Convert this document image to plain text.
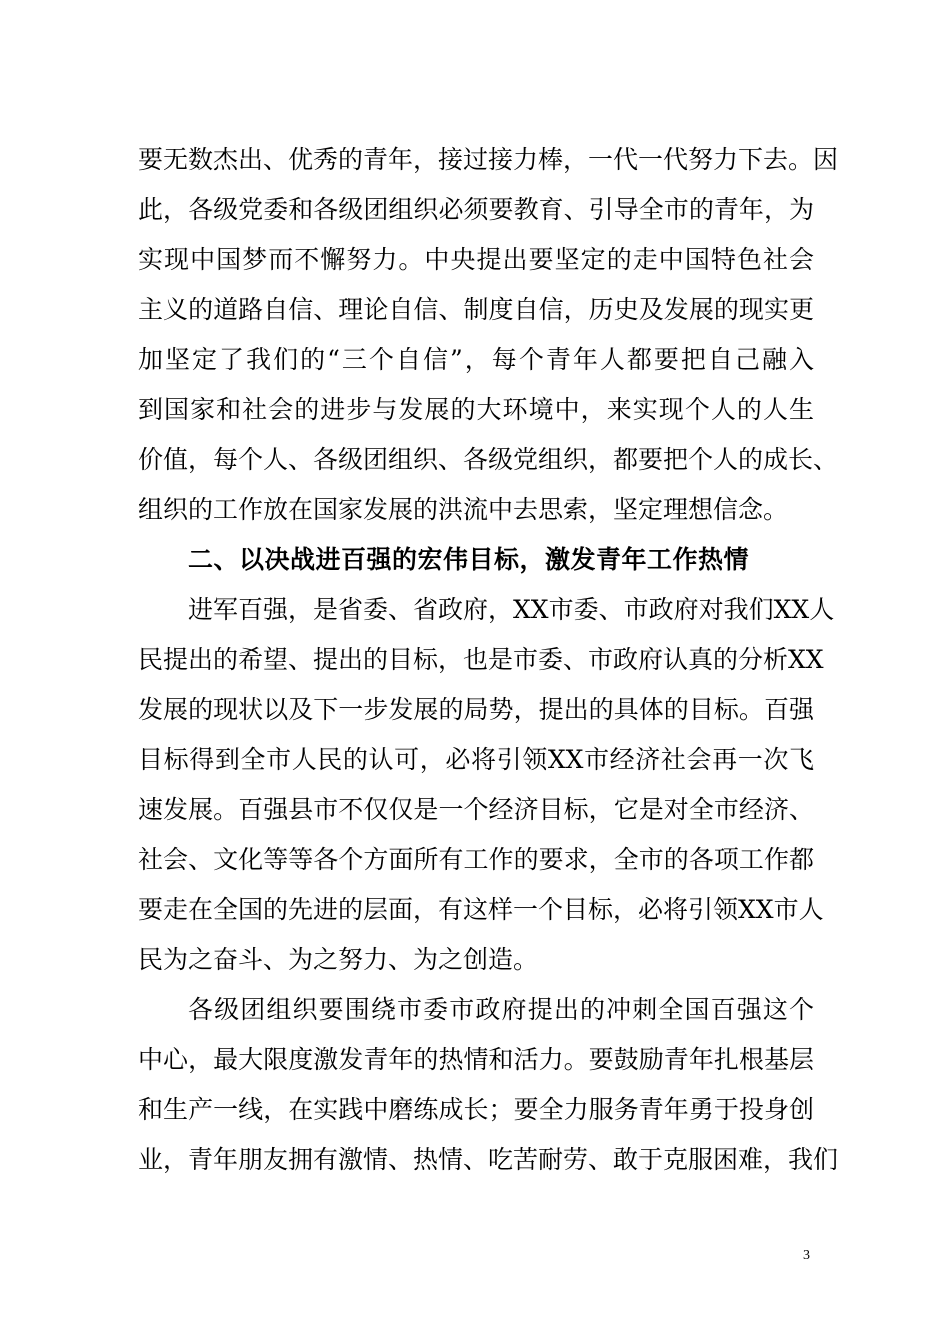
要无数杰出、优秀的青年，接过接力棒，一代一代努力下去。因
此，各级党委和各级团组织必须要教育、引导全市的青年，为
实现中国梦而不懈努力。中央提出要坚定的走中国特色社会
主义的道路自信、理论自信、制度自信，历史及发展的现实更
加坚定了我们的“三个自信”，每个青年人都要把自己融入
到国家和社会的进步与发展的大环境中，来实现个人的人生
价值，每个人、各级团组织、各级党组织，都要把个人的成长、
组织的工作放在国家发展的洪流中去思索，坚定理想信念。
二、以决战进百强的宏伟目标，激发青年工作热情
进军百强，是省委、省政府，XX市委、市政府对我们XX人
民提出的希望、提出的目标，也是市委、市政府认真的分析XX
发展的现状以及下一步发展的局势，提出的具体的目标。百强
目标得到全市人民的认可，必将引领XX市经济社会再一次飞
速发展。百强县市不仅仅是一个经济目标，它是对全市经济、
社会、文化等等各个方面所有工作的要求，全市的各项工作都
要走在全国的先进的层面，有这样一个目标，必将引领XX市人
民为之奋斗、为之努力、为之创造。
各级团组织要围绕市委市政府提出的冲刺全国百强这个
中心，最大限度激发青年的热情和活力。要鼓励青年扎根基层
和生产一线，在实践中磨练成长；要全力服务青年勇于投身创
业，青年朋友拥有激情、热情、吃苦耐劳、敢于克服困难，我们
3
